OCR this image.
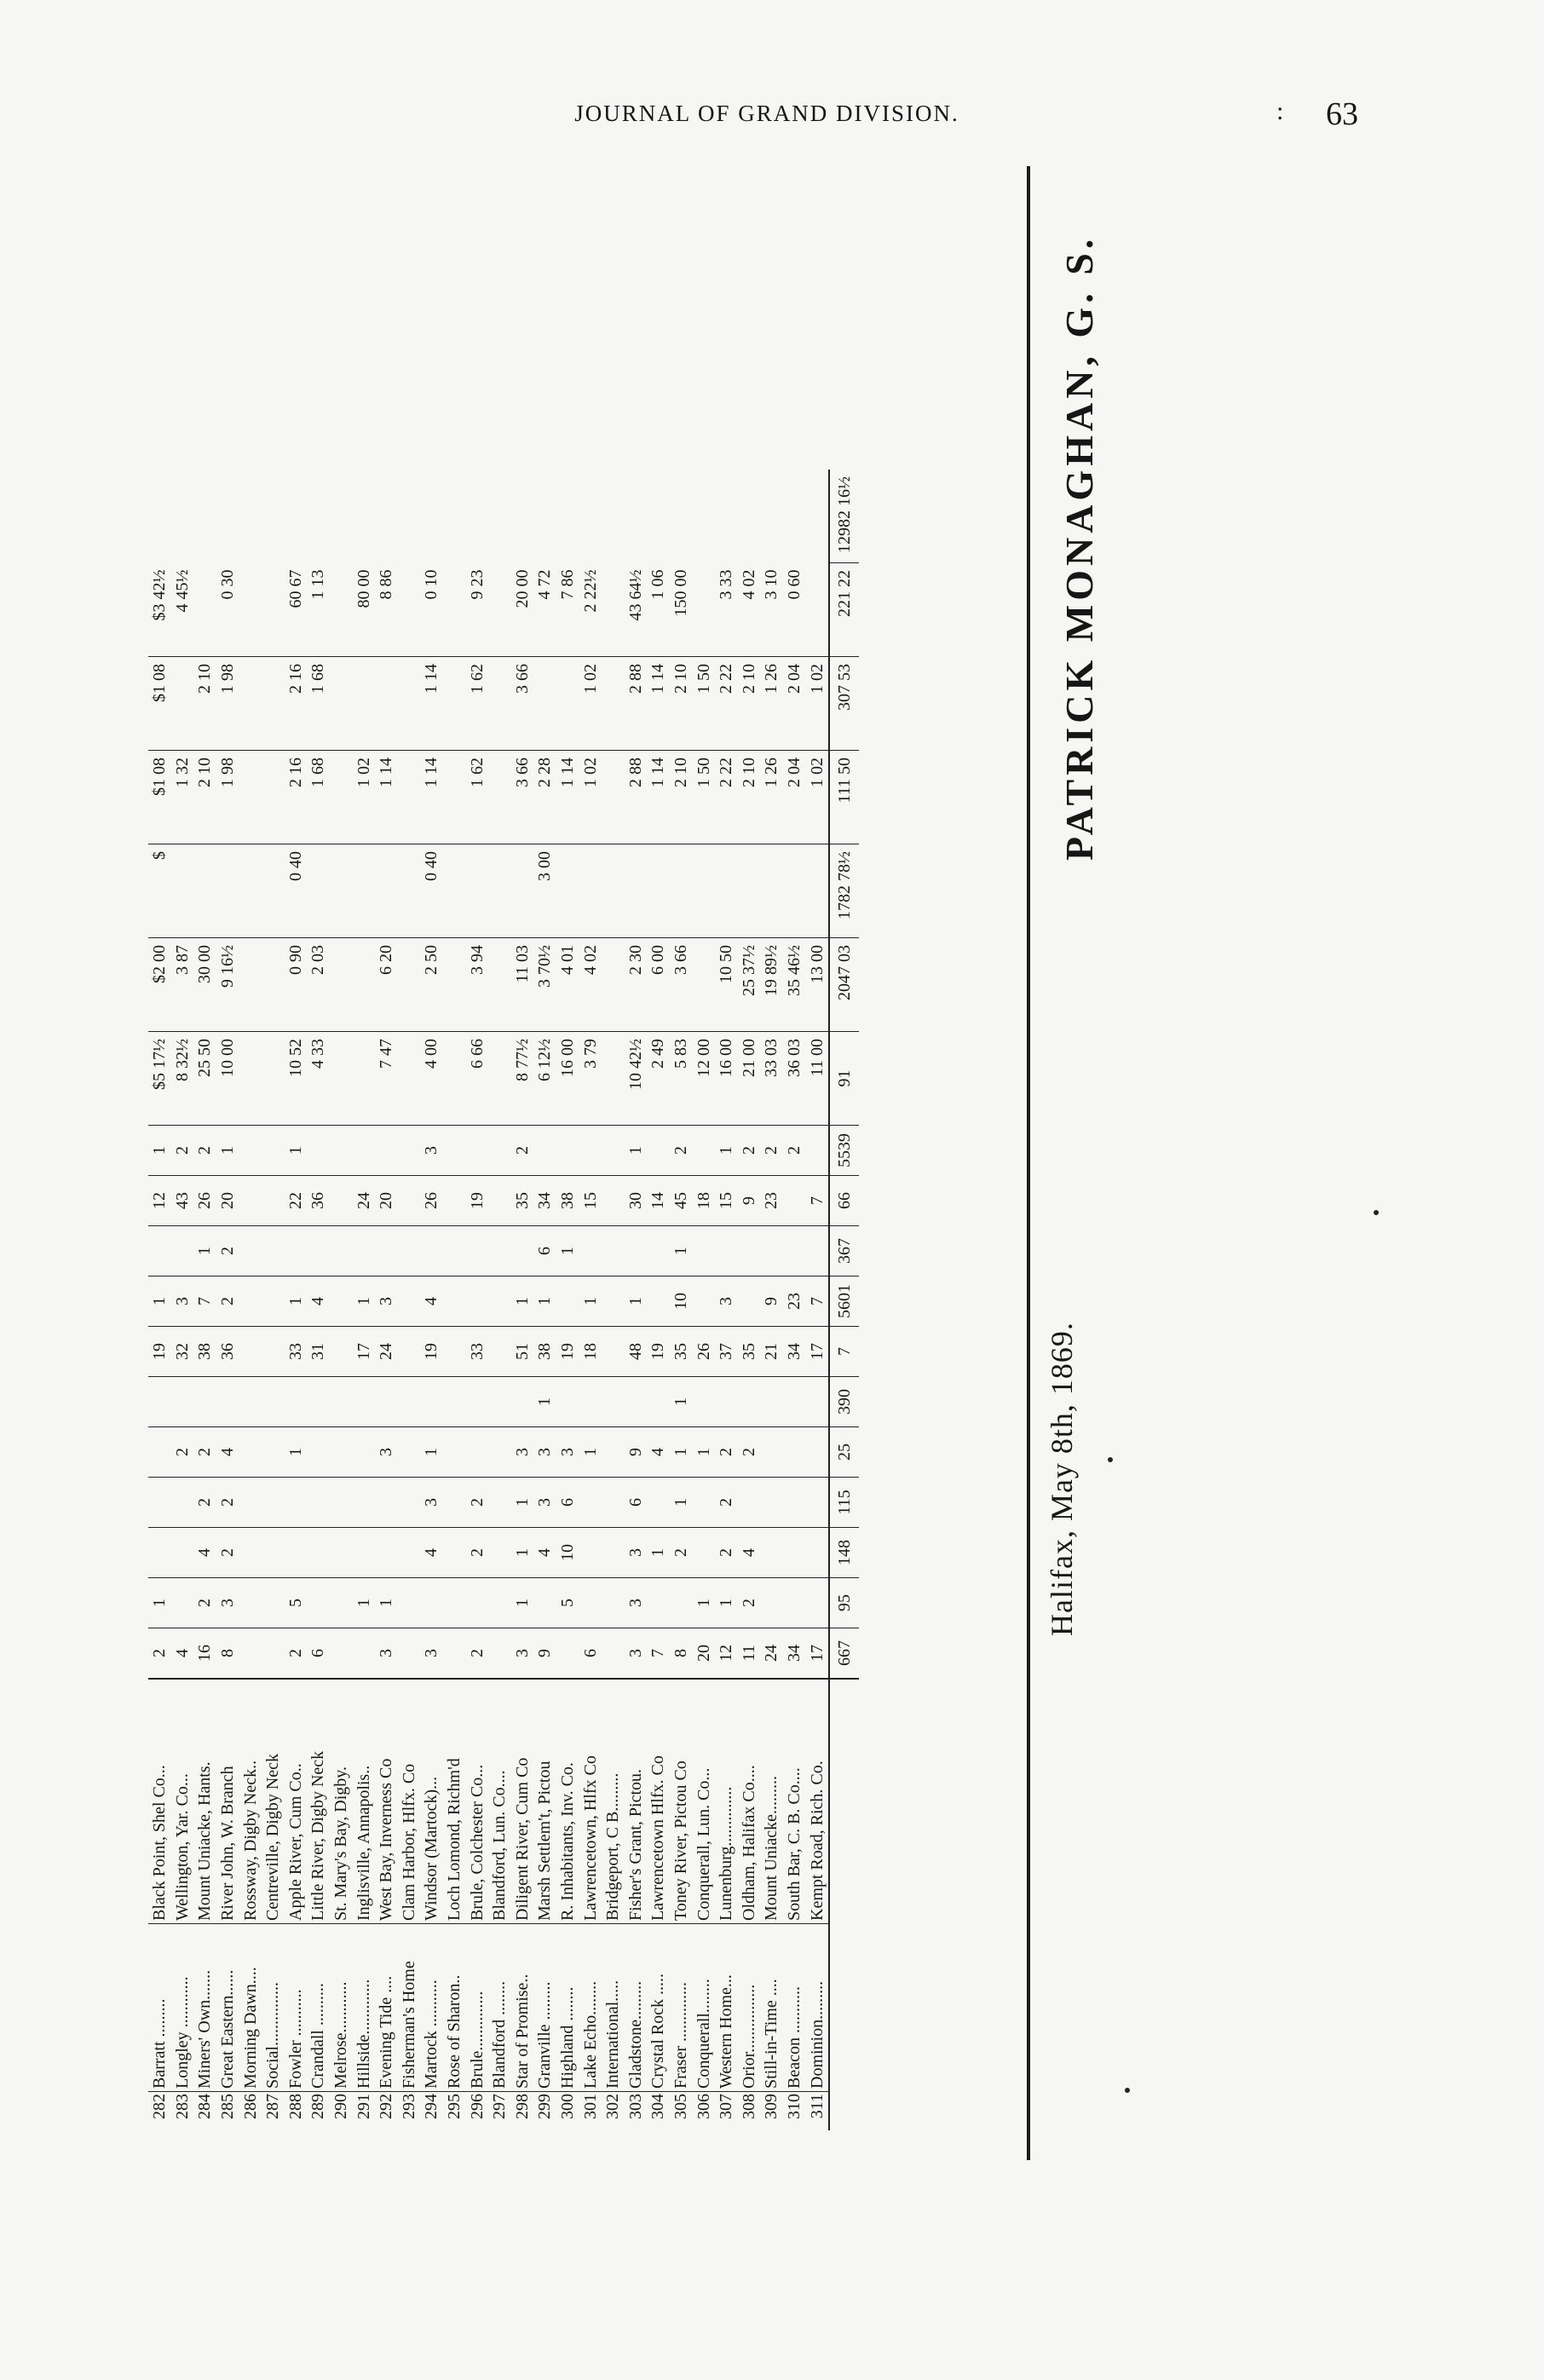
JOURNAL OF GRAND DIVISION.	: 63
282	Barratt .........	Black Point, Shel Co...	2	1					19	1		12	1	$5 17½	$2 00	$	$1 08	$1 08	$3 42½	
283	Longley ............	Wellington, Yar. Co...	4				2		32	3		43	2	8 32½	3 87		1 32		4 45½	
284	Miners' Own.......	Mount Uniacke, Hants.	16	2	4	2	2		38	7	1	26	2	25 50	30 00		2 10	2 10		
285	Great Eastern......	River John, W. Branch	8	3	2	2	4		36	2	2	20	1	10 00	9 16½		1 98	1 98	0 30	
286	Morning Dawn....	Rossway, Digby Neck..																		
287	Social...............	Centreville, Digby Neck																		
288	Fowler ...........	Apple River, Cum Co..	2	5			1		33	1		22	1	10 52	0 90	0 40	2 16	2 16	60 67	
289	Crandall ..........	Little River, Digby Neck	6						31	4		36		4 33	2 03		1 68	1 68	1 13	
290	Melrose............	St. Mary's Bay, Digby.																		
291	Hillside.............	Inglisville, Annapolis..		1					17	1		24					1 02		80 00	
292	Evening Tide ....	West Bay, Inverness Co	3	1			3		24	3		20		7 47	6 20		1 14		8 86	
293	Fisherman's Home	Clam Harbor, Hlfx. Co																		
294	Martock ...........	Windsor (Martock)...	3		4	3	1		19	4		26	3	4 00	2 50	0 40	1 14	1 14	0 10	
295	Rose of Sharon..	Loch Lomond, Richm'd																		
296	Brule..............	Brule, Colchester Co...	2		2	2			33			19		6 66	3 94		1 62	1 62	9 23	
297	Blandford ........	Blandford, Lun. Co....																		
298	Star of Promise..	Diligent River, Cum Co	3	1	1	1	3		51	1		35	2	8 77½	11 03		3 66	3 66	20 00	
299	Granville .........	Marsh Settlem't, Pictou	9		4	3	3	1	38	1	6	34		6 12½	3 70½	3 00	2 28		4 72	
300	Highland ........	R. Inhabitants, Inv. Co.		5	10	6	3		19		1	38		16 00	4 01		1 14		7 86	
301	Lake Echo........	Lawrencetown, Hlfx Co	6				1		18	1		15		3 79	4 02		1 02	1 02	2 22½	
302	International.....	Bridgeport, C B.........																		
303	Gladstone.........	Fisher's Grant, Pictou.	3	3	3	6	9		48	1		30	1	10 42½	2 30		2 88	2 88	43 64½	
304	Crystal Rock .....	Lawrencetown Hlfx. Co	7		1		4		19			14		2 49	6 00		1 14	1 14	1 06	
305	Fraser ..............	Toney River, Pictou Co	8		2	1	1	1	35	10	1	45	2	5 83	3 66		2 10	2 10	150 00	
306	Conquerall........	Conquerall, Lun. Co...	20	1			1		26			18		12 00			1 50	1 50		
307	Western Home...	Lunenburg..............	12	1	2	2	2		37	3		15	1	16 00	10 50		2 22	2 22	3 33	
308	Orior................	Oldham, Halifax Co....	11	2	4		2		35			9	2	21 00	25 37½		2 10	2 10	4 02	
309	Still-in-Time ....	Mount Uniacke.........	24						21	9		23	2	33 03	19 89½		1 26	1 26	3 10	
310	Beacon ...........	South Bar, C. B. Co....	34						34	23			2	36 03	35 46½		2 04	2 04	0 60	
311	Dominion.........	Kempt Road, Rich. Co.	17						17	7		7		11 00	13 00		1 02	1 02		
			667	95	148	115	25	390	7	5601	367	66	5539	91	2047 03	1782 78½	111 50	307 53	221 22	12982 16½
Halifax, May 8th, 1869.
PATRICK MONAGHAN, G. S.
